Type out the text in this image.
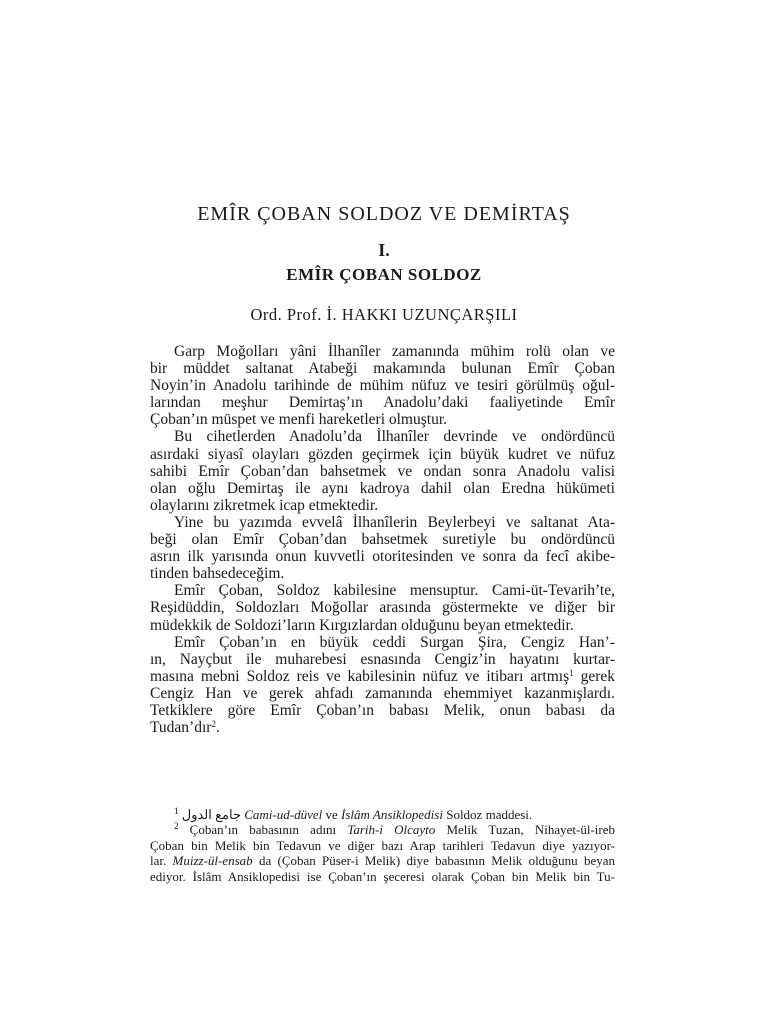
EMÎR ÇOBAN SOLDOZ VE DEMİRTAŞ
I.
EMÎR ÇOBAN SOLDOZ
Ord. Prof. İ. HAKKI UZUNÇARŞILI

Garp Moğolları yâni İlhanîler zamanında mühim rolü olan ve
bir müddet saltanat Atabeği makamında bulunan Emîr Çoban
Noyin’in Anadolu tarihinde de mühim nüfuz ve tesiri görülmüş oğul-
larından meşhur Demirtaş’ın Anadolu’daki faaliyetinde Emîr
Çoban’ın müspet ve menfi hareketleri olmuştur.

Bu cihetlerden Anadolu’da İlhanîler devrinde ve ondördüncü
asırdaki siyasî olayları gözden geçirmek için büyük kudret ve nüfuz
sahibi Emîr Çoban’dan bahsetmek ve ondan sonra Anadolu valisi
olan oğlu Demirtaş ile aynı kadroya dahil olan Eredna hükümeti
olaylarını zikretmek icap etmektedir.

Yine bu yazımda evvelâ İlhanîlerin Beylerbeyi ve saltanat Ata-
beği olan Emîr Çoban’dan bahsetmek suretiyle bu ondördüncü
asrın ilk yarısında onun kuvvetli otoritesinden ve sonra da fecî akibe-
tinden bahsedeceğim.

Emîr Çoban, Soldoz kabilesine mensuptur. Cami-üt-Tevarih’te,
Reşidüddin, Soldozları Moğollar arasında göstermekte ve diğer bir
müdekkik de Soldozi’ların Kırgızlardan olduğunu beyan etmektedir.

Emîr Çoban’ın en büyük ceddi Surgan Şira, Cengiz Han’-
ın, Nayçbut ile muharebesi esnasında Cengiz’in hayatını kurtar-
masına mebni Soldoz reis ve kabilesinin nüfuz ve itibarı artmış$^1$ gerek
Cengiz Han ve gerek ahfadı zamanında ehemmiyet kazanmışlardı.
Tetkiklere göre Emîr Çoban’ın babası Melik, onun babası da
Tudan’dır$^2$.

$^1$ جامع الدول Cami-ud-düvel ve İslâm Ansiklopedisi Soldoz maddesi.

$^2$ Çoban’ın babasının adını Tarih-i Olcayto Melik Tuzan, Nihayet-ül-ireb
Çoban bin Melik bin Tedavun ve diğer bazı Arap tarihleri Tedavun diye yazıyor-
lar. Muizz-ül-ensab da (Çoban Püser-i Melik) diye babasının Melik olduğunu beyan
ediyor. İslâm Ansiklopedisi ise Çoban’ın şeceresi olarak Çoban bin Melik bin Tu-
